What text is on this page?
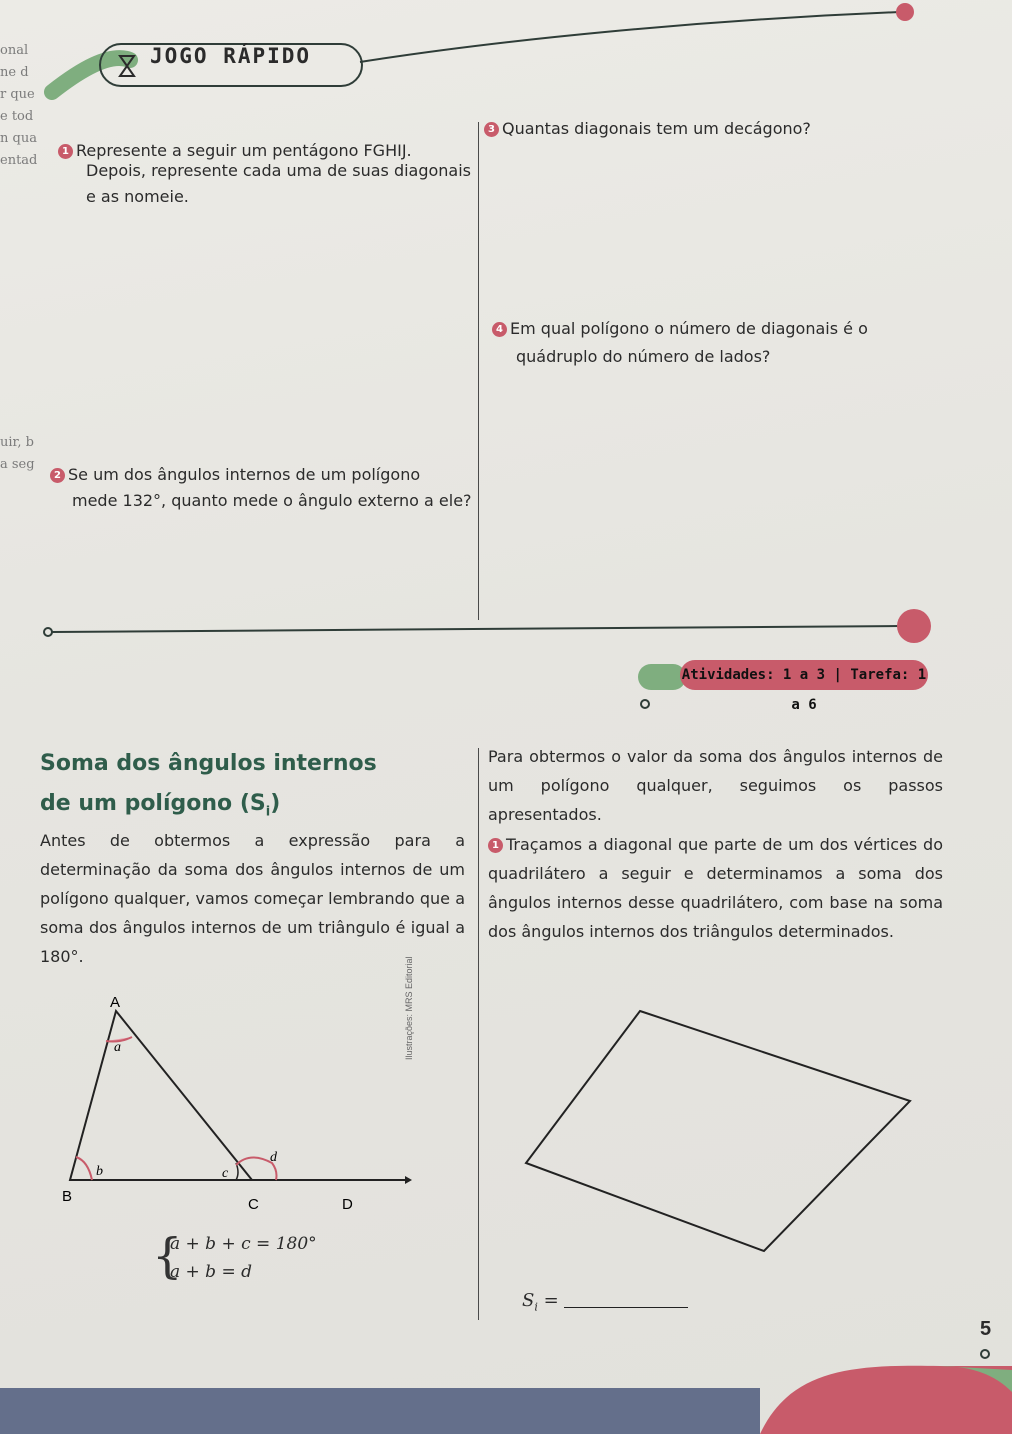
onal
ne d
r que
e tod
n qua
entad
uir, b
a seg
JOGO RÁPIDO
1 Represente a seguir um pentágono FGHIJ.
Depois, represente cada uma de suas diagonais
e as nomeie.
3 Quantas diagonais tem um decágono?
4 Em qual polígono o número de diagonais é o
quádruplo do número de lados?
2 Se um dos ângulos internos de um polígono
mede 132°, quanto mede o ângulo externo a ele?
Atividades: 1 a 3 | Tarefa: 1 a 6
Soma dos ângulos internos
de um polígono $(S_i)$
Antes de obtermos a expressão para a determinação da soma dos ângulos internos de um polígono qualquer, vamos começar lembrando que a soma dos ângulos internos de um triângulo é igual a 180°.
Para obtermos o valor da soma dos ângulos internos de um polígono qualquer, seguimos os passos apresentados.
1 Traçamos a diagonal que parte de um dos vértices do quadrilátero a seguir e determinamos a soma dos ângulos internos desse quadrilátero, com base na soma dos ângulos internos dos triângulos determinados.
A
a
B
b	c
d
C	D
Ilustrações: MRS Editorial
{
a + b + c = 180°
a + b = d
$S_i$ =
5
